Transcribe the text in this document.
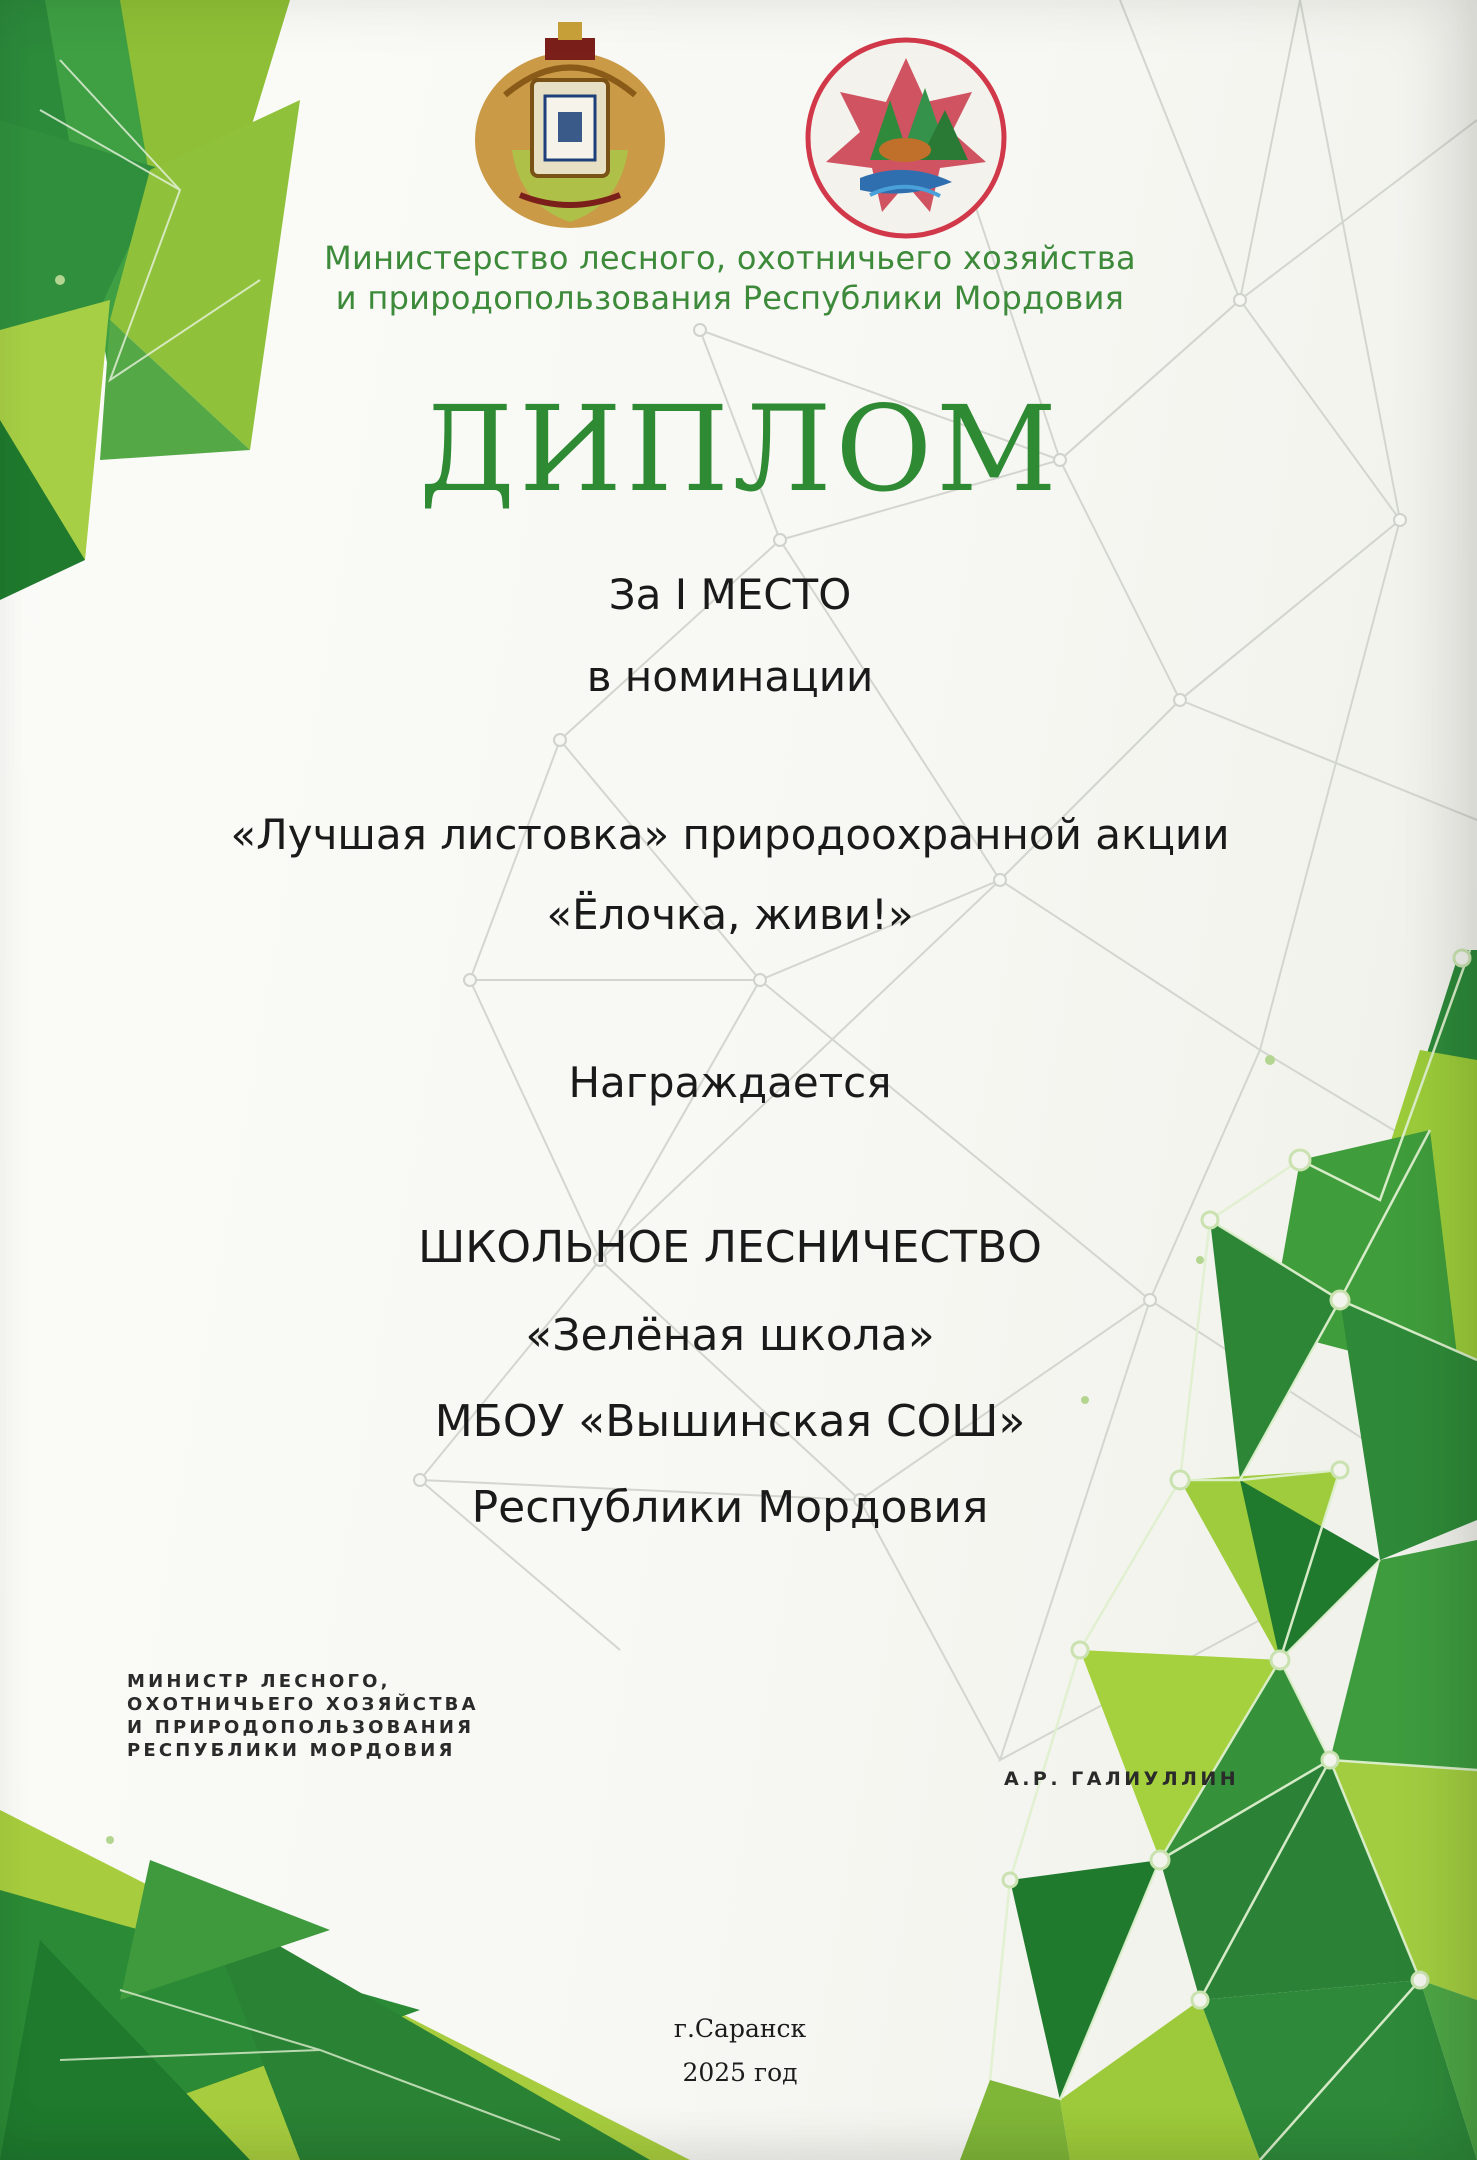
Министерство лесного, охотничьего хозяйства
и природопользования Республики Мордовия
ДИПЛОМ
За I МЕСТО
в номинации
«Лучшая листовка» природоохранной акции
«Ёлочка, живи!»
Награждается
ШКОЛЬНОЕ ЛЕСНИЧЕСТВО
«Зелёная школа»
МБОУ «Вышинская СОШ»
Республики Мордовия
МИНИСТР ЛЕСНОГО,
ОХОТНИЧЬЕГО ХОЗЯЙСТВА
И ПРИРОДОПОЛЬЗОВАНИЯ
РЕСПУБЛИКИ МОРДОВИЯ
А.Р. ГАЛИУЛЛИН
г.Саранск
2025 год
